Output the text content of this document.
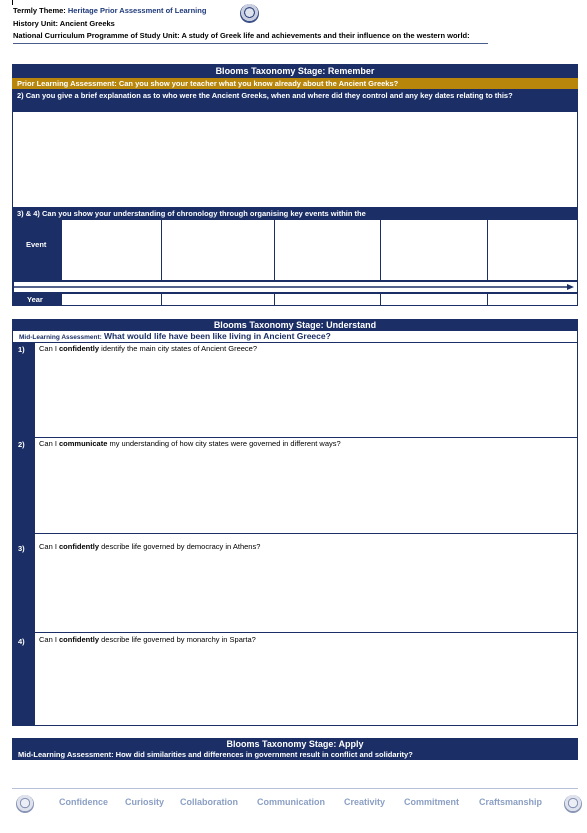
Termly Theme: Heritage Prior Assessment of Learning
History Unit: Ancient Greeks
National Curriculum Programme of Study Unit: A study of Greek life and achievements and their influence on the western world:
Blooms Taxonomy Stage: Remember
Prior Learning Assessment: Can you show your teacher what you know already about the Ancient Greeks?
2) Can you give a brief explanation as to who were the Ancient Greeks, when and where did they control and any key dates relating to this?
3) & 4) Can you show your understanding of chronology through organising key events within the
Event
Year
Blooms Taxonomy Stage: Understand
Mid-Learning Assessment: What would life have been like living in Ancient Greece?
1) Can I confidently identify the main city states of Ancient Greece?
2) Can I communicate my understanding of how city states were governed in different ways?
3) Can I confidently describe life governed by democracy in Athens?
4) Can I confidently describe life governed by monarchy in Sparta?
Blooms Taxonomy Stage: Apply
Mid-Learning Assessment: How did similarities and differences in government result in conflict and solidarity?
Confidence Curiosity Collaboration Communication Creativity Commitment Craftsmanship
